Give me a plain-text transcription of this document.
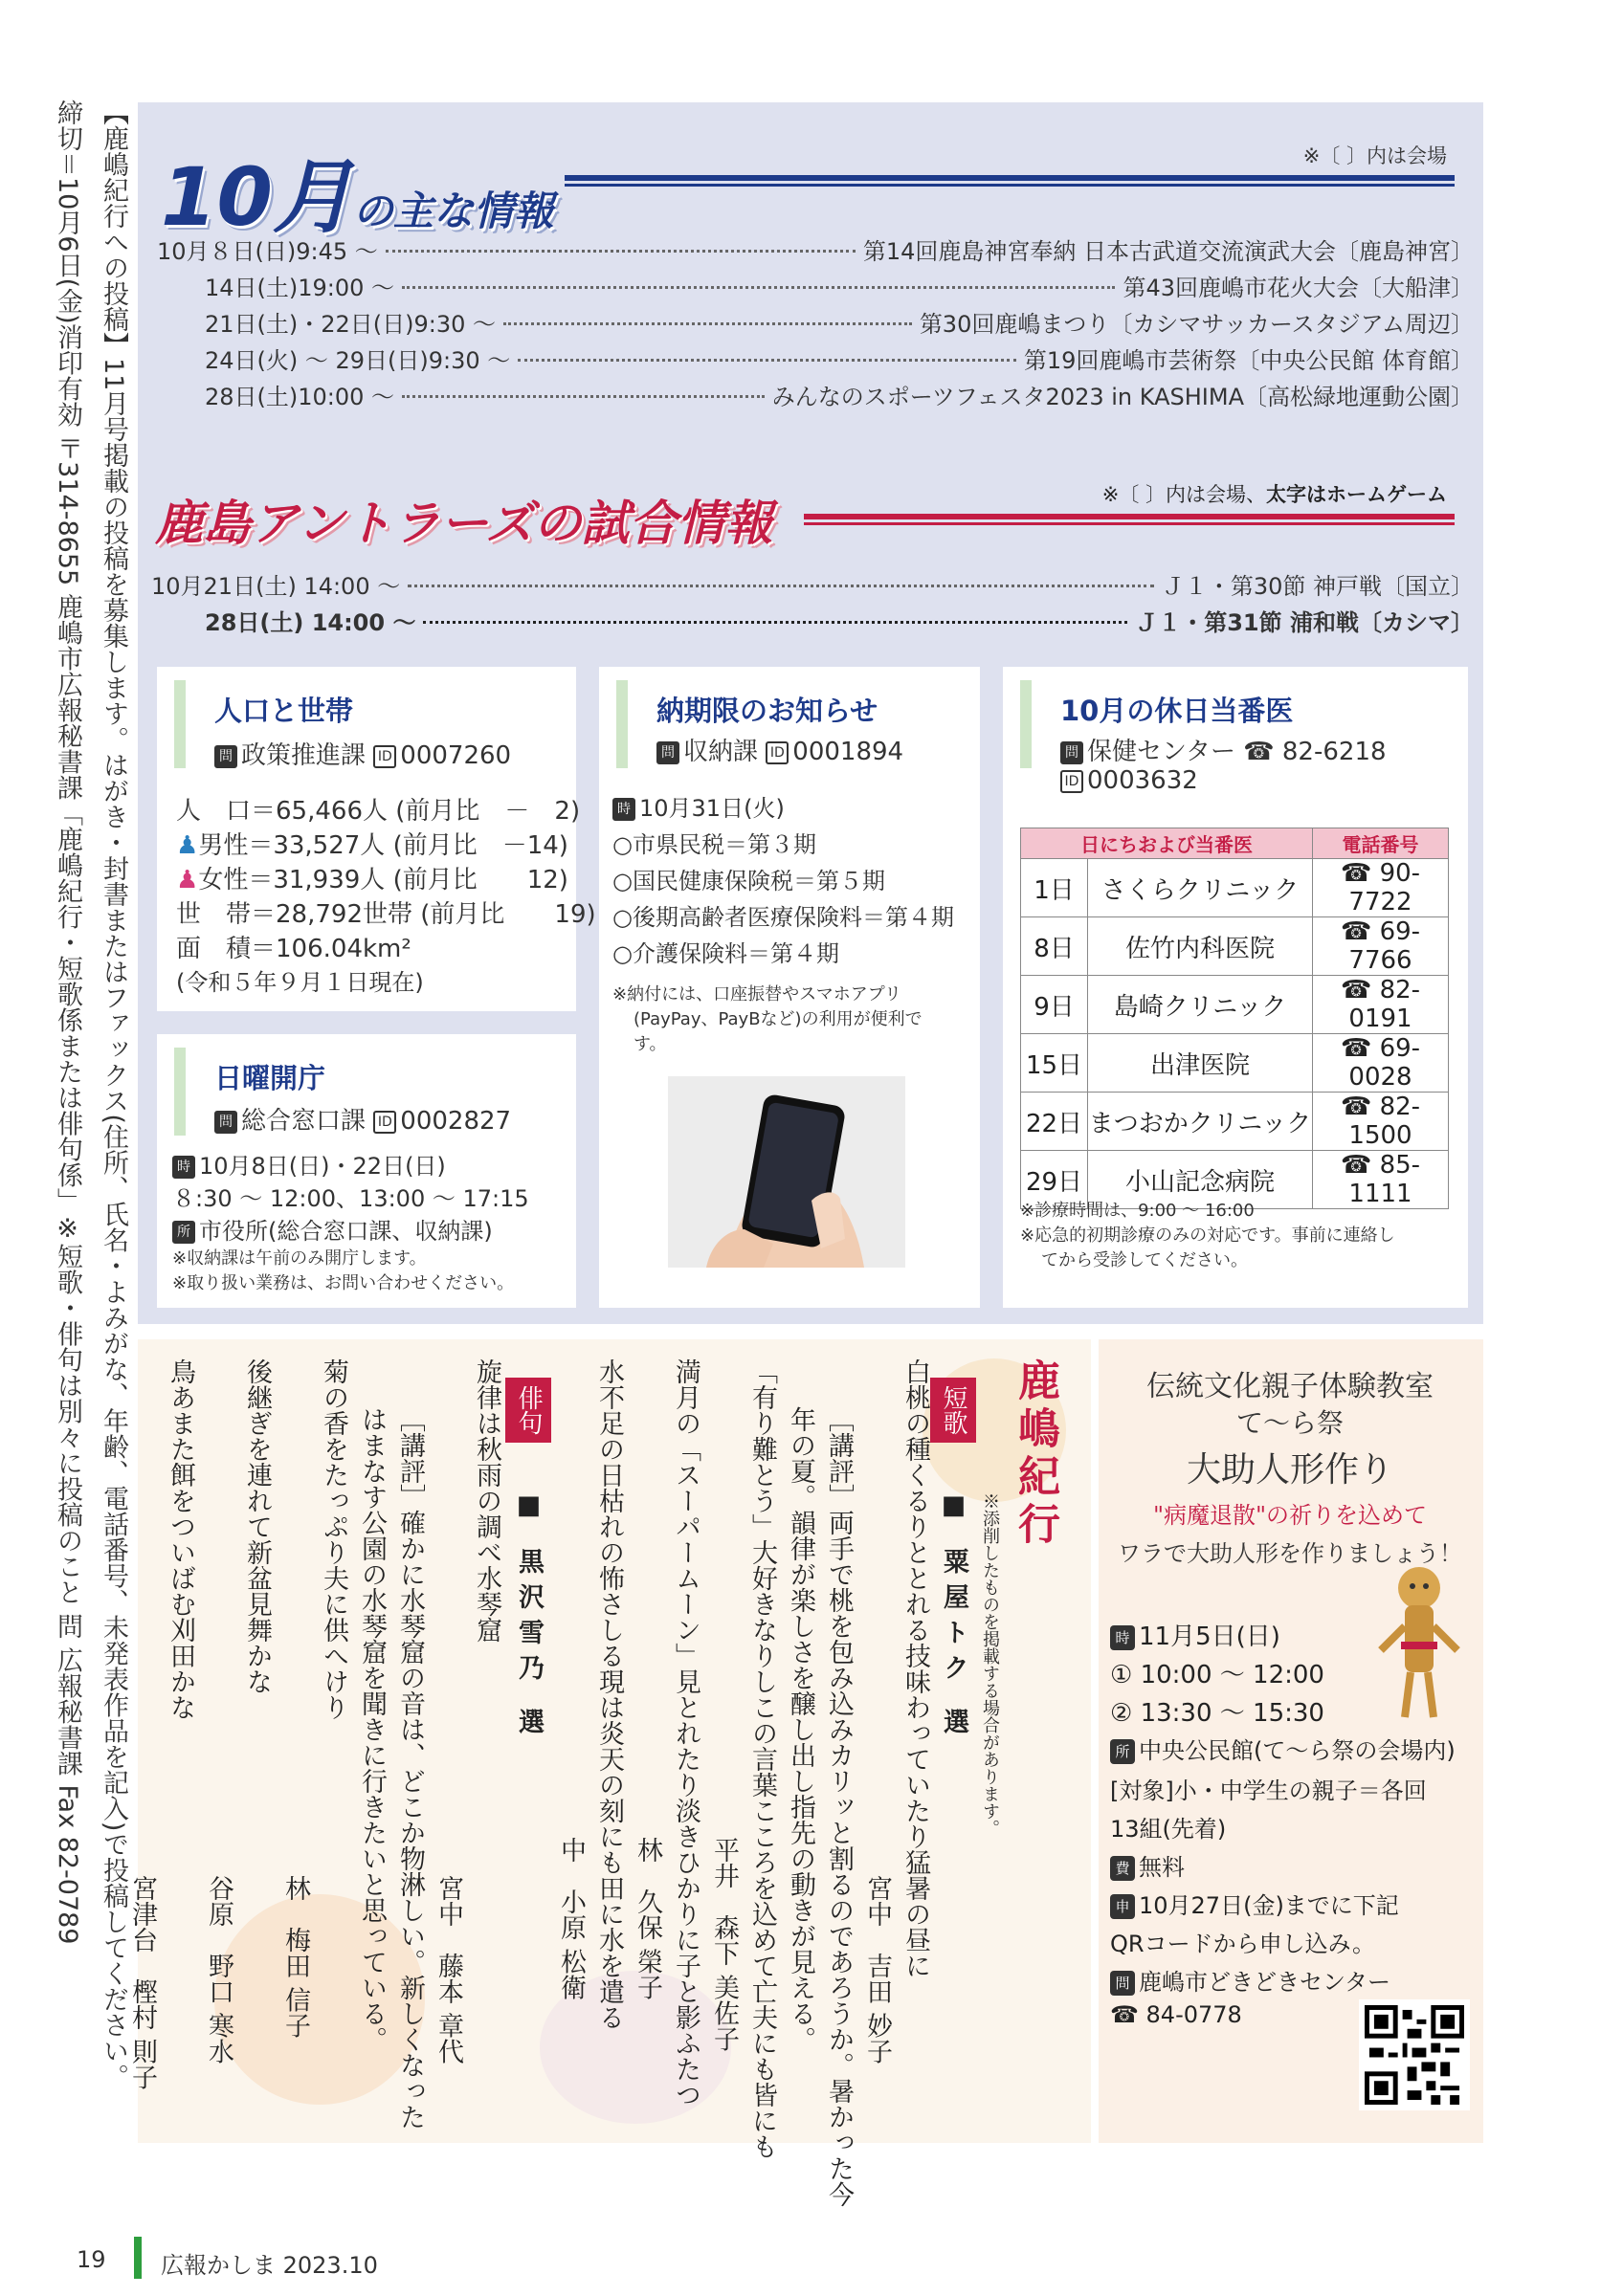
【鹿嶋紀行への投稿】11月号掲載の投稿を募集します。はがき・封書またはファックス(住所、氏名・よみがな、年齢、電話番号、未発表作品を記入)で投稿してください。
締切＝10月6日(金)消印有効 〒314-8655 鹿嶋市広報秘書課「鹿嶋紀行・短歌係または俳句係」※短歌・俳句は別々に投稿のこと 問 広報秘書課 Fax 82-0789 10月の主な情報
※〔 〕内は会場
10月８日(日)9:45 ～	第14回鹿島神宮奉納 日本古武道交流演武大会〔鹿島神宮〕
14日(土)19:00 ～	第43回鹿嶋市花火大会〔大船津〕
21日(土)・22日(日)9:30 ～	第30回鹿嶋まつり〔カシマサッカースタジアム周辺〕
24日(火) ～ 29日(日)9:30 ～	第19回鹿嶋市芸術祭〔中央公民館 体育館〕
28日(土)10:00 ～	みんなのスポーツフェスタ2023 in KASHIMA〔高松緑地運動公園〕
鹿島アントラーズの試合情報
※〔 〕内は会場、太字はホームゲーム
10月21日(土) 14:00 ～	Ｊ１・第30節 神戸戦〔国立〕
28日(土) 14:00 ～	Ｊ１・第31節 浦和戦〔カシマ〕
人口と世帯
問 政策推進課 ID 0007260
人　口＝65,466人 (前月比　－　2)
♟男性＝33,527人 (前月比　－14)
♟女性＝31,939人 (前月比　　12)
世　帯＝28,792世帯 (前月比　　19)
面　積＝106.04km²
(令和５年９月１日現在)
日曜開庁
問 総合窓口課 ID 0002827
時 10月8日(日)・22日(日)
８:30 ～ 12:00、13:00 ～ 17:15
所 市役所(総合窓口課、収納課)
※収納課は午前のみ開庁します。
※取り扱い業務は、お問い合わせください。
納期限のお知らせ
問 収納課 ID 0001894
時 10月31日(火)
○市県民税＝第３期
○国民健康保険税＝第５期
○後期高齢者医療保険料＝第４期
○介護保険料＝第４期
※納付には、口座振替やスマホアプリ
(PayPay、PayBなど)の利用が便利で
す。
10月の休日当番医
問 保健センター ☎ 82-6218
ID 0003632
日にちおよび当番医		電話番号
1日	さくらクリニック	☎ 90-7722
8日	佐竹内科医院	☎ 69-7766
9日	島崎クリニック	☎ 82-0191
15日	出津医院	☎ 69-0028
22日	まつおかクリニック	☎ 82-1500
29日	小山記念病院	☎ 85-1111
※診療時間は、9:00 ～ 16:00
※応急的初期診療のみの対応です。事前に連絡し
てから受診してください。
鹿嶋紀行
※添削したものを掲載する場合があります。
短歌■ 粟屋トク 選
白桃の種くるりととれる技味わっていたり猛暑の昼に
宮中　吉田 妙子
［講評］両手で桃を包み込みカリッと割るのであろうか。暑かった今
年の夏。韻律が楽しさを醸し出し指先の動きが見える。
「有り難とう」大好きなりしこの言葉こころを込めて亡夫にも皆にも
平井　森下 美佐子
満月の「スーパームーン」見とれたり淡きひかりに子と影ふたつ
林　久保 榮子
水不足の日枯れの怖さしる現は炎天の刻にも田に水を遣る
中　小原 松衛
俳句■ 黒沢雪乃 選
旋律は秋雨の調べ水琴窟
宮中　藤本 章代
［講評］確かに水琴窟の音は、どこか物淋しい。新しくなった
はまなす公園の水琴窟を聞きに行きたいと思っている。
菊の香をたっぷり夫に供へけり
林　梅田 信子
後継ぎを連れて新盆見舞かな
谷原　野口 寒水
鳥あまた餌をついばむ刈田かな
宮津台　樫村 則子
伝統文化親子体験教室
て～ら祭
大助人形作り
"病魔退散"の祈りを込めて
ワラで大助人形を作りましょう！
時 11月5日(日)
① 10:00 ～ 12:00
② 13:30 ～ 15:30
所 中央公民館(て～ら祭の会場内)
[対象]小・中学生の親子＝各回
13組(先着)
費 無料
申 10月27日(金)までに下記
QRコードから申し込み。
問 鹿嶋市どきどきセンター
☎ 84-0778
19 広報かしま 2023.10
